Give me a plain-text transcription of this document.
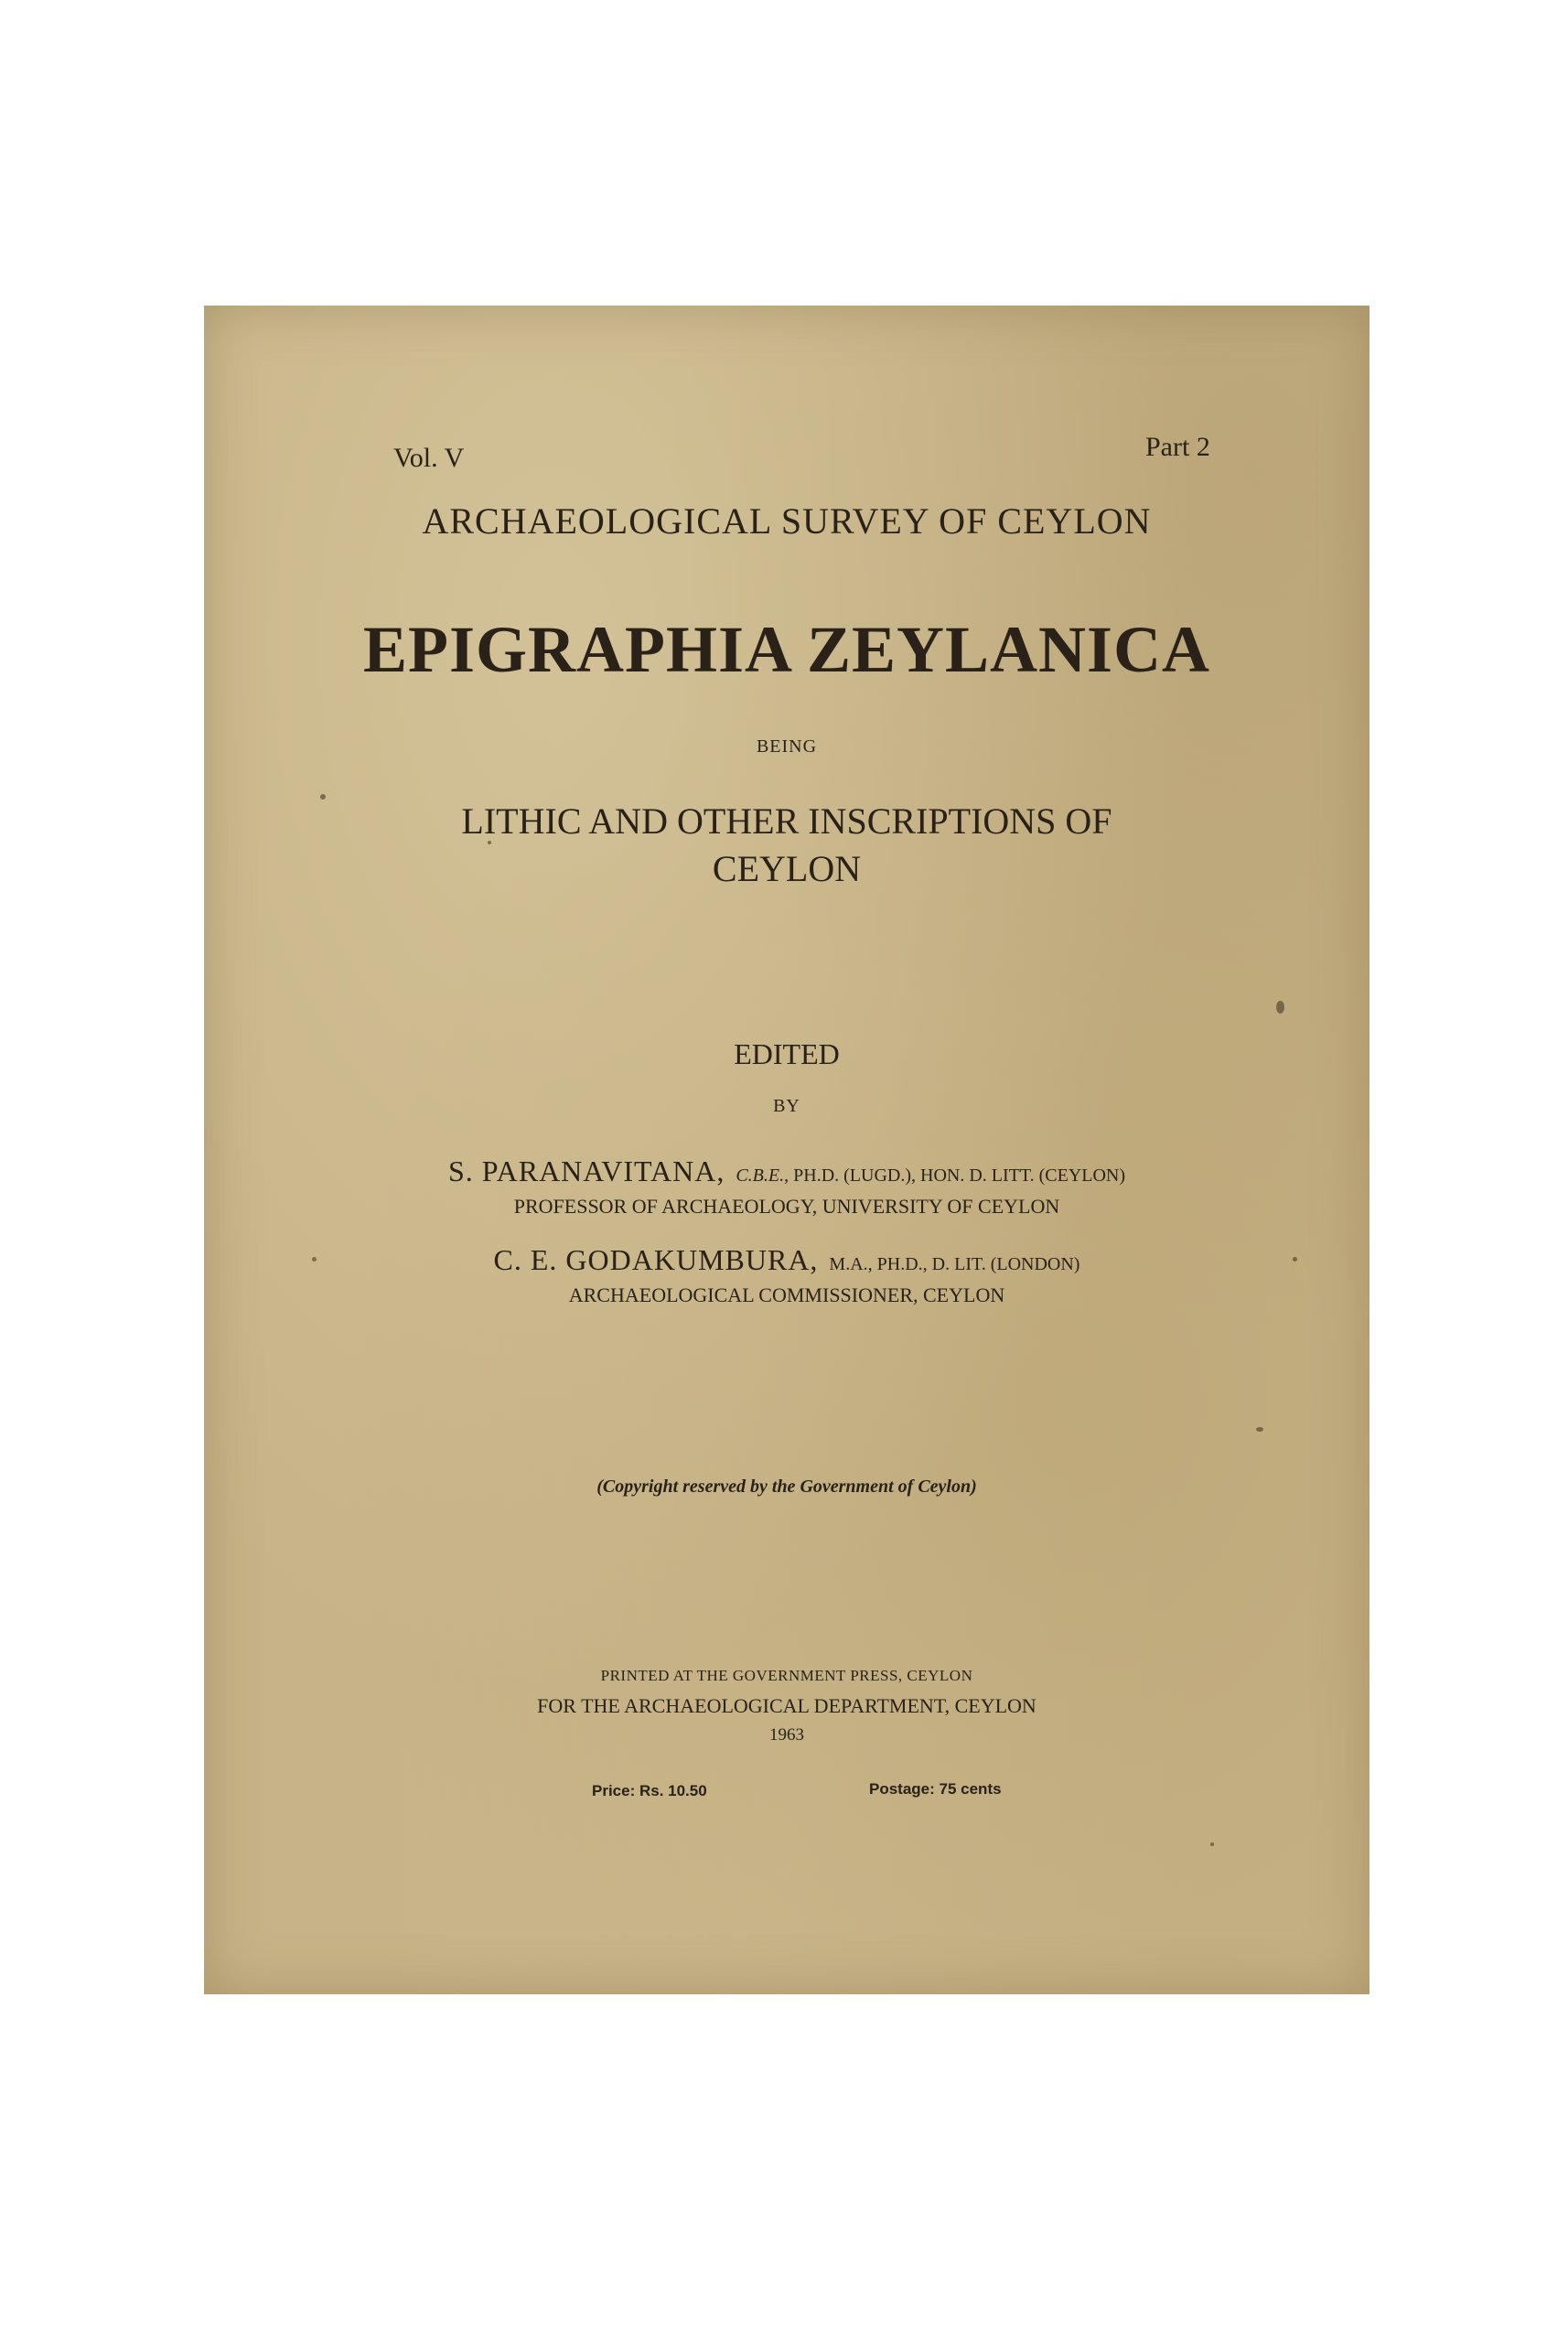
Vol. V	Part 2
ARCHAEOLOGICAL SURVEY OF CEYLON
EPIGRAPHIA ZEYLANICA
BEING
LITHIC AND OTHER INSCRIPTIONS OF
CEYLON
EDITED
BY
S. PARANAVITANA, C.B.E., PH.D. (LUGD.), HON. D. LITT. (CEYLON)
PROFESSOR OF ARCHAEOLOGY, UNIVERSITY OF CEYLON
C. E. GODAKUMBURA, M.A., PH.D., D. LIT. (LONDON)
ARCHAEOLOGICAL COMMISSIONER, CEYLON
(Copyright reserved by the Government of Ceylon)
PRINTED AT THE GOVERNMENT PRESS, CEYLON
FOR THE ARCHAEOLOGICAL DEPARTMENT, CEYLON
1963
Price: Rs. 10.50	Postage: 75 cents
